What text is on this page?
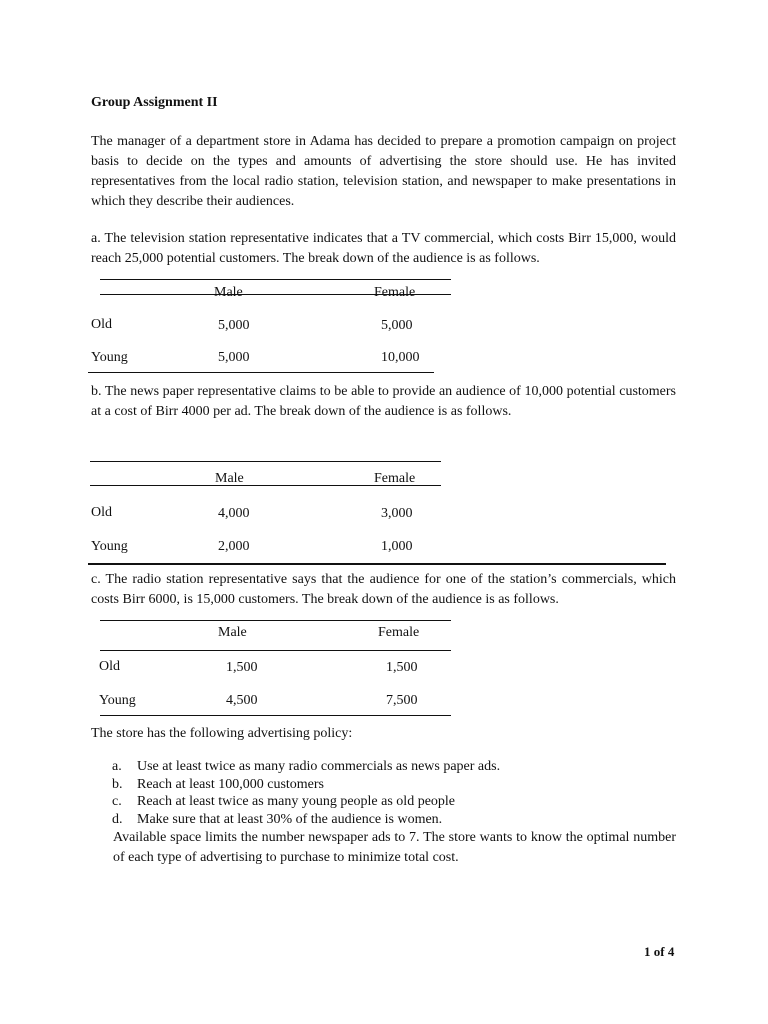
Group Assignment II

The manager of a department store in Adama has decided to prepare a promotion campaign on project basis to decide on the types and amounts of advertising the store should use. He has invited representatives from the local radio station, television station, and newspaper to make presentations in which they describe their audiences.

a. The television station representative indicates that a TV commercial, which costs Birr 15,000, would reach 25,000 potential customers. The break down of the audience is as follows.

Male	Female
Old	5,000	5,000
Young	5,000	10,000

b. The news paper representative claims to be able to provide an audience of 10,000 potential customers at a cost of Birr 4000 per ad. The break down of the audience is as follows.

Male	Female
Old	4,000	3,000
Young	2,000	1,000

c. The radio station representative says that the audience for one of the station’s commercials, which costs Birr 6000, is 15,000 customers. The break down of the audience is as follows.

Male	Female
Old	1,500	1,500
Young	4,500	7,500
The store has the following advertising policy:
a. Use at least twice as many radio commercials as news paper ads.
b. Reach at least 100,000 customers
c. Reach at least twice as many young people as old people
d. Make sure that at least 30% of the audience is women.

Available space limits the number newspaper ads to 7. The store wants to know the optimal number of each type of advertising to purchase to minimize total cost.

1 of 4
